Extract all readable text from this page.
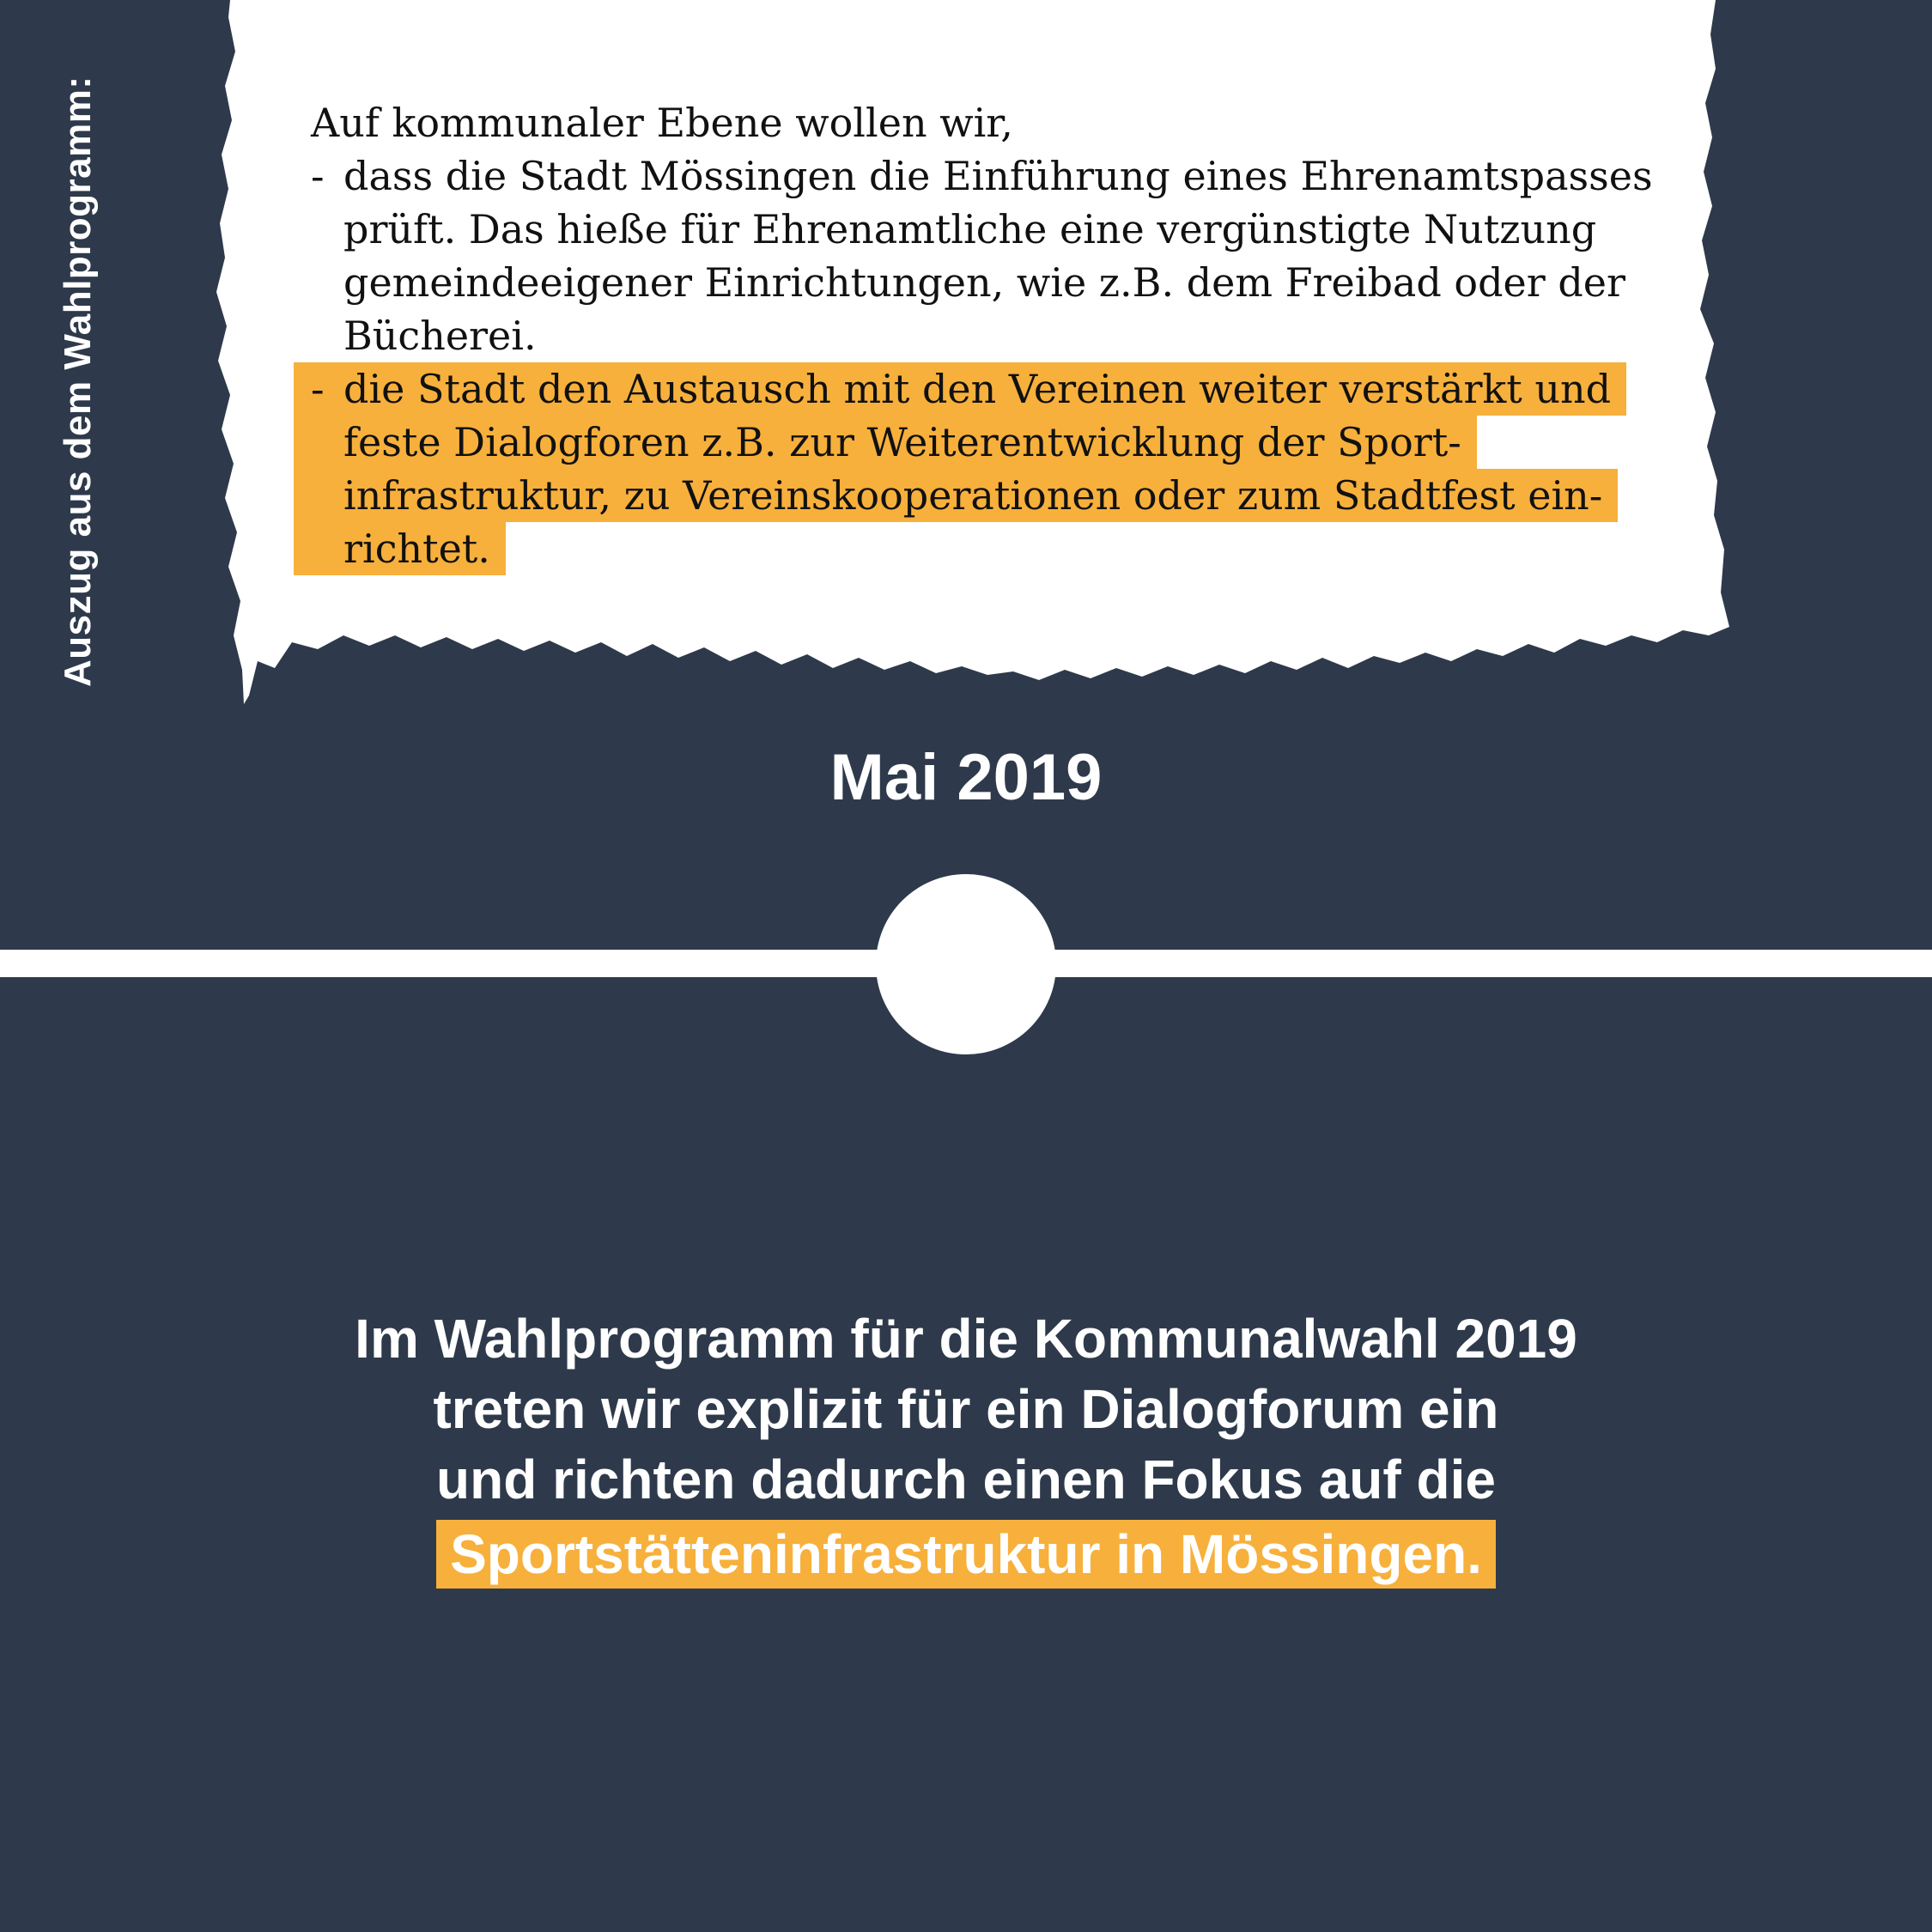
Auszug aus dem Wahlprogramm:	Auf kommunaler Ebene wollen wir,

- dass die Stadt Mössingen die Einführung eines Ehrenamtspasses prüft. Das hieße für Ehrenamtliche eine vergünstigte Nutzung gemeindeeigener Einrichtungen, wie z.B. dem Freibad oder der Bücherei.
- die Stadt den Austausch mit den Vereinen weiter verstärkt und feste Dialogforen z.B. zur Weiterentwicklung der Sportinfrastruktur, zu Vereinskooperationen oder zum Stadtfest einrichtet.
Mai 2019
Im Wahlprogramm für die Kommunalwahl 2019
treten wir explizit für ein Dialogforum ein
und richten dadurch einen Fokus auf die
Sportstätteninfrastruktur in Mössingen.
